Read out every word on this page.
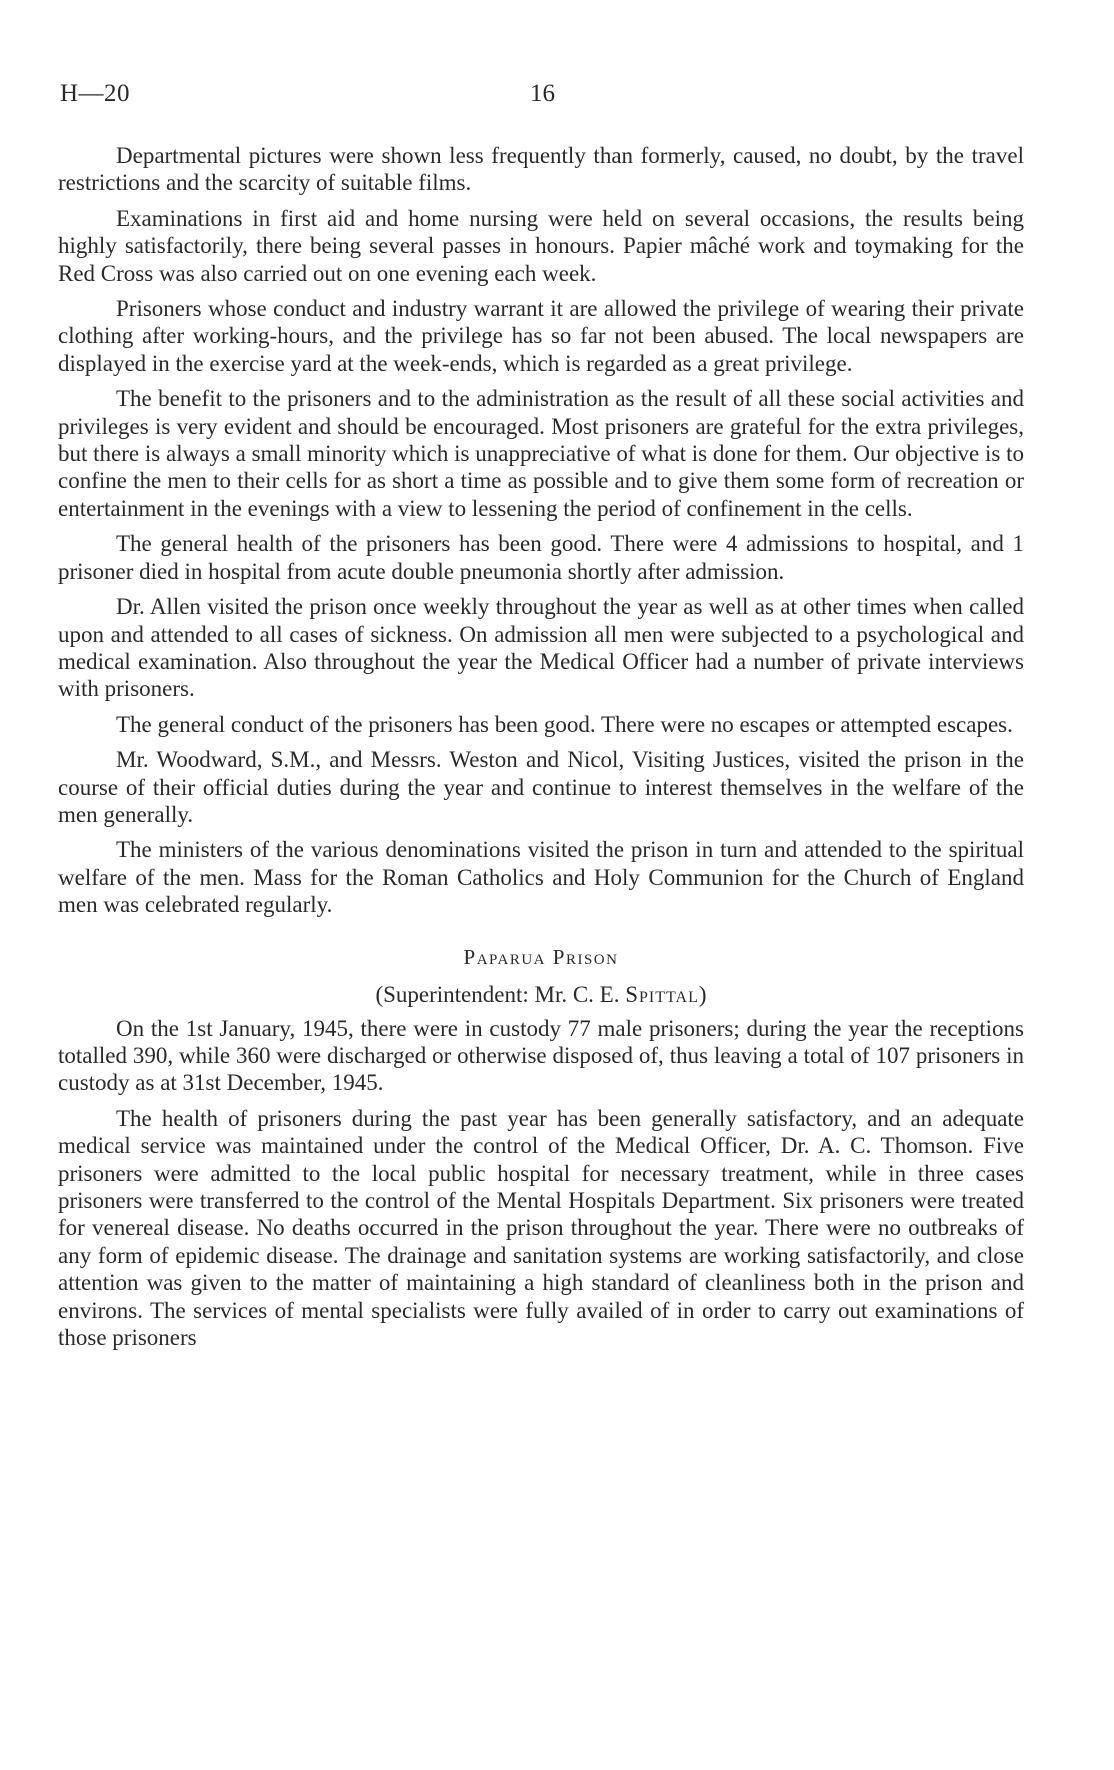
H—20	16

Departmental pictures were shown less frequently than formerly, caused, no doubt, by the travel restrictions and the scarcity of suitable films.

Examinations in first aid and home nursing were held on several occasions, the results being highly satisfactorily, there being several passes in honours. Papier mâché work and toymaking for the Red Cross was also carried out on one evening each week.

Prisoners whose conduct and industry warrant it are allowed the privilege of wearing their private clothing after working-hours, and the privilege has so far not been abused. The local newspapers are displayed in the exercise yard at the week-ends, which is regarded as a great privilege.

The benefit to the prisoners and to the administration as the result of all these social activities and privileges is very evident and should be encouraged. Most prisoners are grateful for the extra privileges, but there is always a small minority which is unappreciative of what is done for them. Our objective is to confine the men to their cells for as short a time as possible and to give them some form of recreation or entertainment in the evenings with a view to lessening the period of confinement in the cells.

The general health of the prisoners has been good. There were 4 admissions to hospital, and 1 prisoner died in hospital from acute double pneumonia shortly after admission.

Dr. Allen visited the prison once weekly throughout the year as well as at other times when called upon and attended to all cases of sickness. On admission all men were subjected to a psychological and medical examination. Also throughout the year the Medical Officer had a number of private interviews with prisoners.

The general conduct of the prisoners has been good. There were no escapes or attempted escapes.

Mr. Woodward, S.M., and Messrs. Weston and Nicol, Visiting Justices, visited the prison in the course of their official duties during the year and continue to interest themselves in the welfare of the men generally.

The ministers of the various denominations visited the prison in turn and attended to the spiritual welfare of the men. Mass for the Roman Catholics and Holy Communion for the Church of England men was celebrated regularly.

Paparua Prison
(Superintendent: Mr. C. E. Spittal)

On the 1st January, 1945, there were in custody 77 male prisoners; during the year the receptions totalled 390, while 360 were discharged or otherwise disposed of, thus leaving a total of 107 prisoners in custody as at 31st December, 1945.

The health of prisoners during the past year has been generally satisfactory, and an adequate medical service was maintained under the control of the Medical Officer, Dr. A. C. Thomson. Five prisoners were admitted to the local public hospital for necessary treatment, while in three cases prisoners were transferred to the control of the Mental Hospitals Department. Six prisoners were treated for venereal disease. No deaths occurred in the prison throughout the year. There were no outbreaks of any form of epidemic disease. The drainage and sanitation systems are working satisfactorily, and close attention was given to the matter of maintaining a high standard of cleanliness both in the prison and environs. The services of mental specialists were fully availed of in order to carry out examinations of those prisoners
